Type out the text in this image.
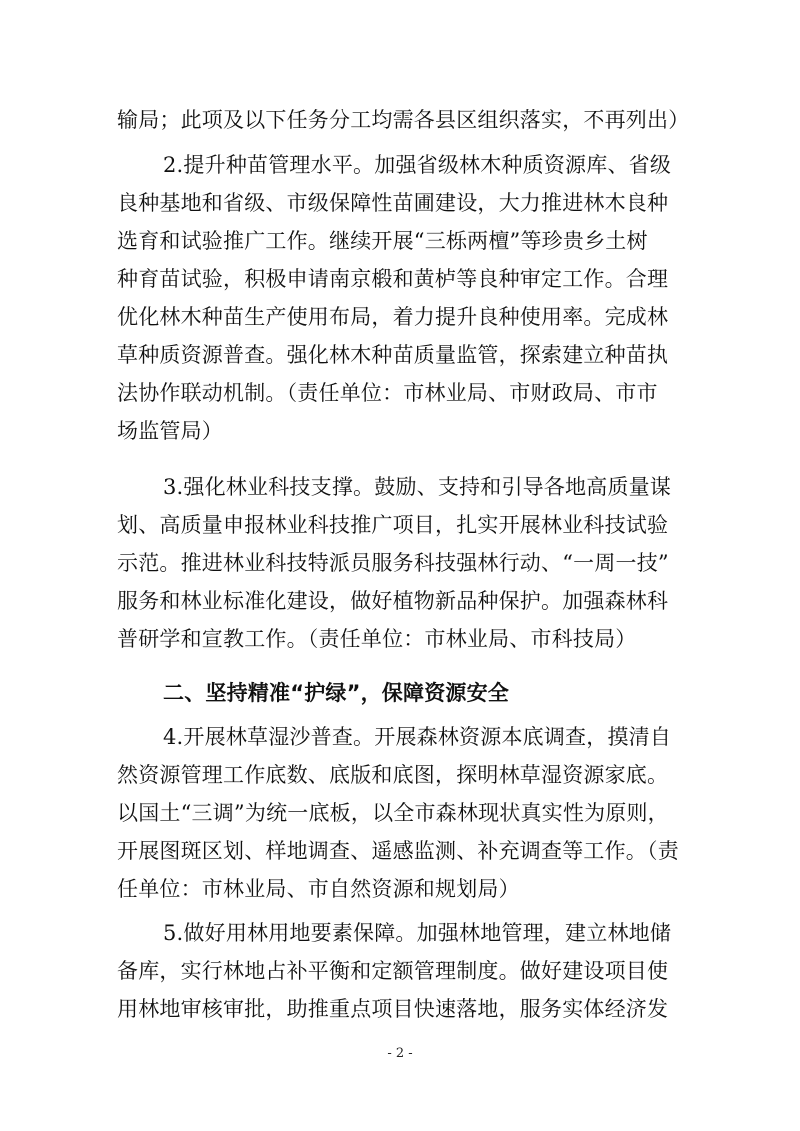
输局；此项及以下任务分工均需各县区组织落实，不再列出）
2.提升种苗管理水平。加强省级林木种质资源库、省级
良种基地和省级、市级保障性苗圃建设，大力推进林木良种
选育和试验推广工作。继续开展“三栎两檀”等珍贵乡土树
种育苗试验，积极申请南京椴和黄栌等良种审定工作。合理
优化林木种苗生产使用布局，着力提升良种使用率。完成林
草种质资源普查。强化林木种苗质量监管，探索建立种苗执
法协作联动机制。（责任单位：市林业局、市财政局、市市
场监管局）
3.强化林业科技支撑。鼓励、支持和引导各地高质量谋
划、高质量申报林业科技推广项目，扎实开展林业科技试验
示范。推进林业科技特派员服务科技强林行动、“一周一技”
服务和林业标准化建设，做好植物新品种保护。加强森林科
普研学和宣教工作。（责任单位：市林业局、市科技局）
二、坚持精准“护绿”，保障资源安全
4.开展林草湿沙普查。开展森林资源本底调查，摸清自
然资源管理工作底数、底版和底图，探明林草湿资源家底。
以国土“三调”为统一底板，以全市森林现状真实性为原则，
开展图斑区划、样地调查、遥感监测、补充调查等工作。（责
任单位：市林业局、市自然资源和规划局）
5.做好用林用地要素保障。加强林地管理，建立林地储
备库，实行林地占补平衡和定额管理制度。做好建设项目使
用林地审核审批，助推重点项目快速落地，服务实体经济发
- 2 -
